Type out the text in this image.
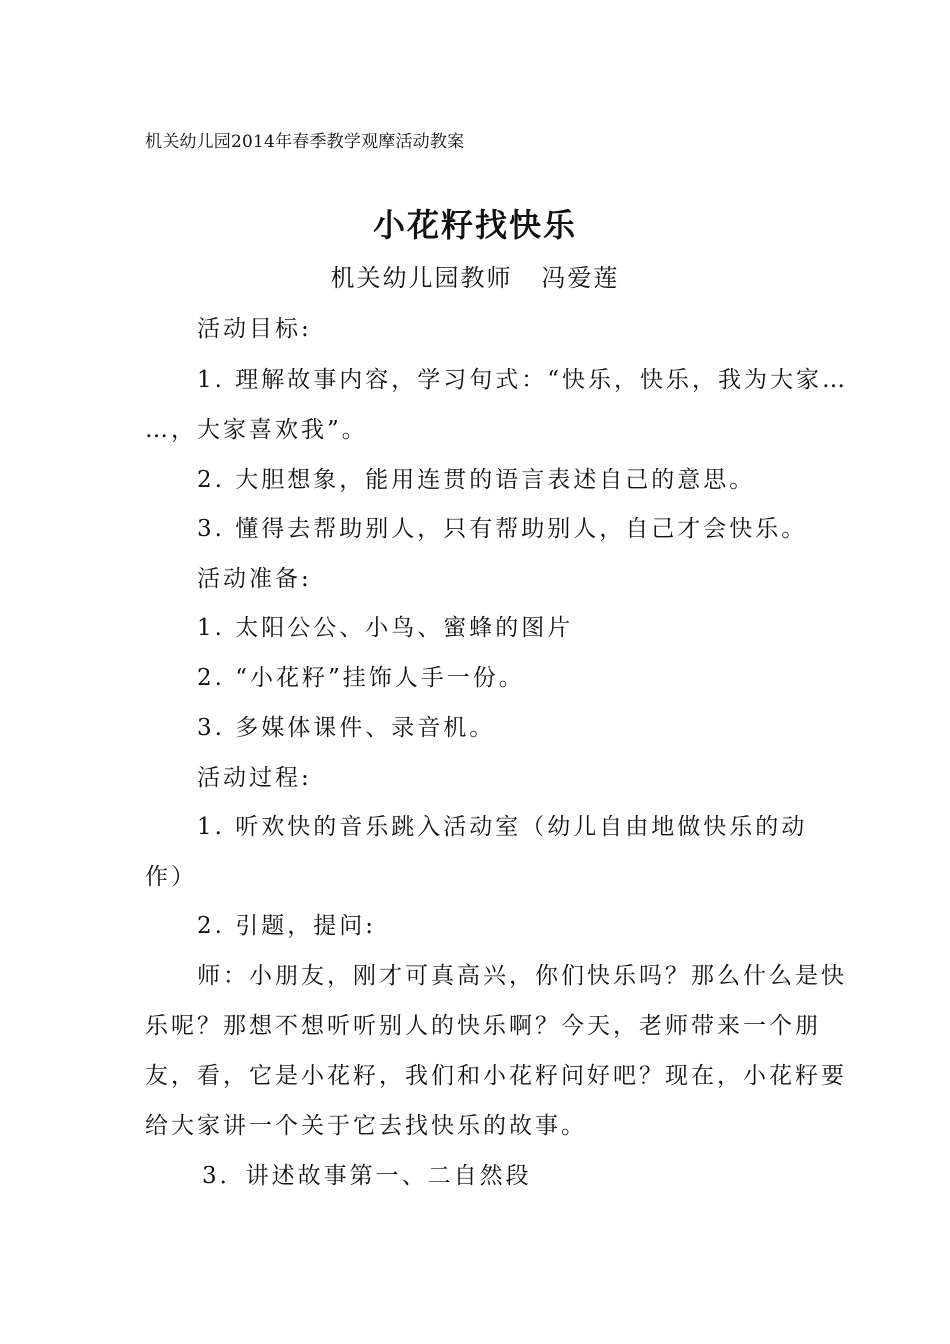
机关幼儿园2014年春季教学观摩活动教案
小花籽找快乐
机关幼儿园教师   冯爱莲
活动目标:
1. 理解故事内容，学习句式：“快乐，快乐，我为大家…
…，大家喜欢我”。
2. 大胆想象，能用连贯的语言表述自己的意思。
3. 懂得去帮助别人，只有帮助别人，自己才会快乐。
活动准备:
1. 太阳公公、小鸟、蜜蜂的图片
2. “小花籽”挂饰人手一份。
3. 多媒体课件、录音机。
活动过程:
1. 听欢快的音乐跳入活动室（幼儿自由地做快乐的动
作）
2. 引题，提问:
师：小朋友，刚才可真高兴，你们快乐吗？那么什么是快
乐呢？那想不想听听别人的快乐啊？今天，老师带来一个朋
友，看，它是小花籽，我们和小花籽问好吧？现在，小花籽要
给大家讲一个关于它去找快乐的故事。
3．讲述故事第一、二自然段
